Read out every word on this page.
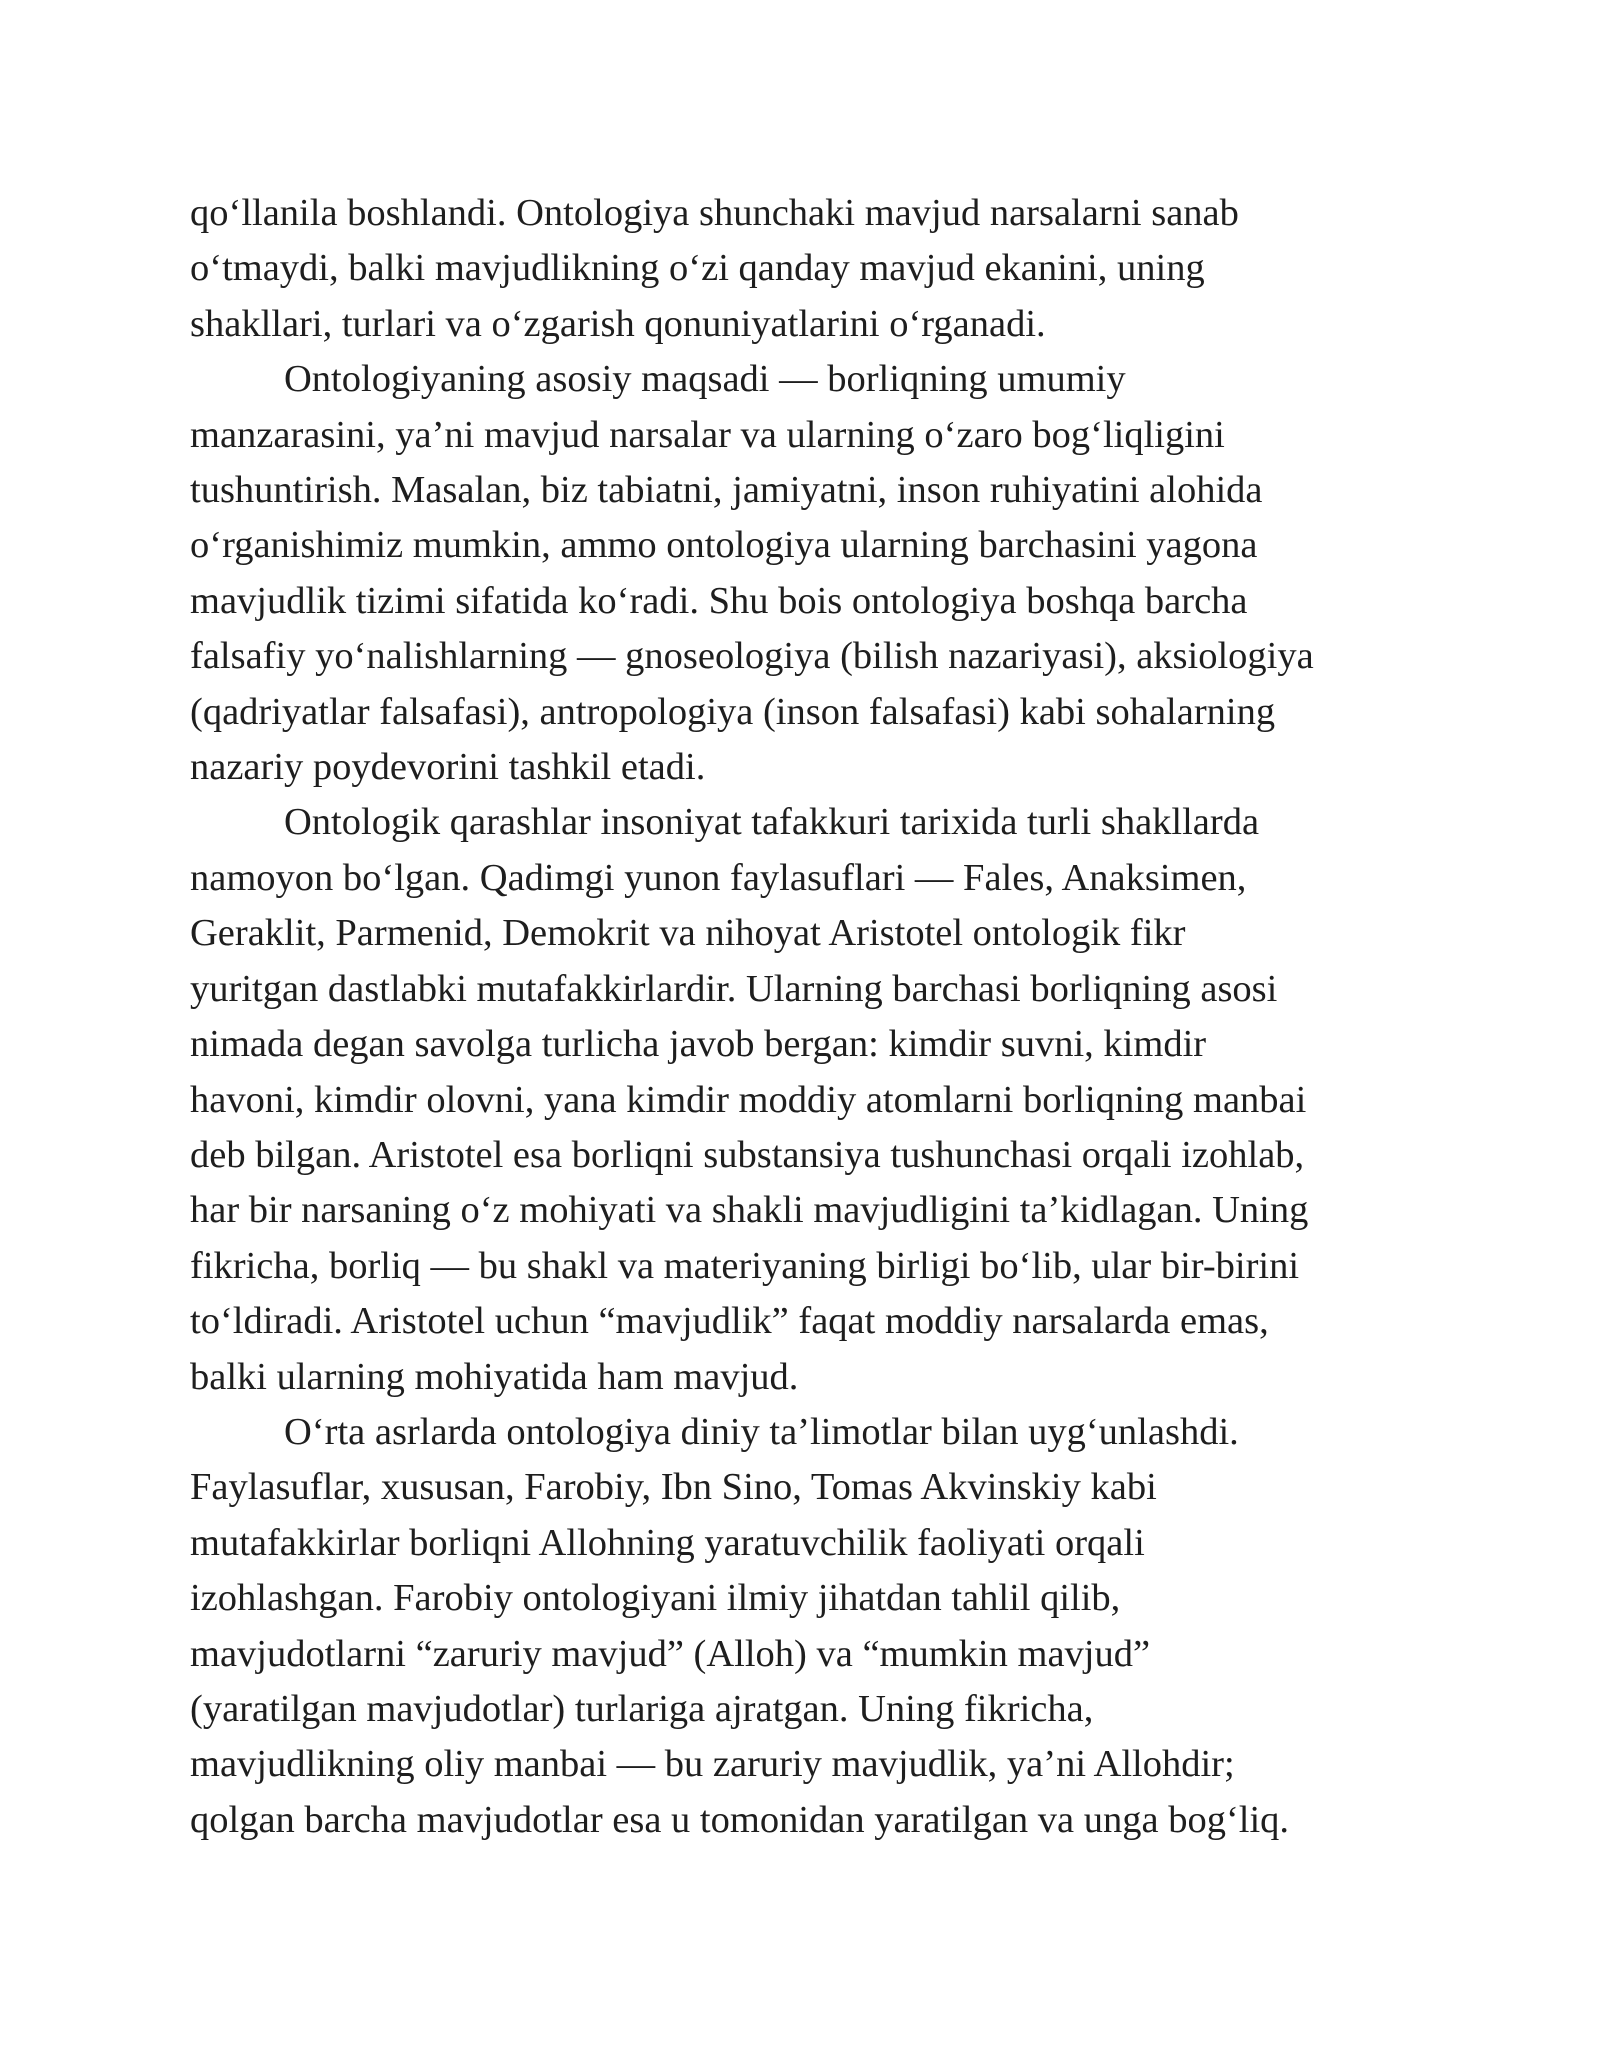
qo‘llanila boshlandi. Ontologiya shunchaki mavjud narsalarni sanab
o‘tmaydi, balki mavjudlikning o‘zi qanday mavjud ekanini, uning
shakllari, turlari va o‘zgarish qonuniyatlarini o‘rganadi.
Ontologiyaning asosiy maqsadi — borliqning umumiy
manzarasini, ya’ni mavjud narsalar va ularning o‘zaro bog‘liqligini
tushuntirish. Masalan, biz tabiatni, jamiyatni, inson ruhiyatini alohida
o‘rganishimiz mumkin, ammo ontologiya ularning barchasini yagona
mavjudlik tizimi sifatida ko‘radi. Shu bois ontologiya boshqa barcha
falsafiy yo‘nalishlarning — gnoseologiya (bilish nazariyasi), aksiologiya
(qadriyatlar falsafasi), antropologiya (inson falsafasi) kabi sohalarning
nazariy poydevorini tashkil etadi.
Ontologik qarashlar insoniyat tafakkuri tarixida turli shakllarda
namoyon bo‘lgan. Qadimgi yunon faylasuflari — Fales, Anaksimen,
Geraklit, Parmenid, Demokrit va nihoyat Aristotel ontologik fikr
yuritgan dastlabki mutafakkirlardir. Ularning barchasi borliqning asosi
nimada degan savolga turlicha javob bergan: kimdir suvni, kimdir
havoni, kimdir olovni, yana kimdir moddiy atomlarni borliqning manbai
deb bilgan. Aristotel esa borliqni substansiya tushunchasi orqali izohlab,
har bir narsaning o‘z mohiyati va shakli mavjudligini ta’kidlagan. Uning
fikricha, borliq — bu shakl va materiyaning birligi bo‘lib, ular bir-birini
to‘ldiradi. Aristotel uchun “mavjudlik” faqat moddiy narsalarda emas,
balki ularning mohiyatida ham mavjud.
O‘rta asrlarda ontologiya diniy ta’limotlar bilan uyg‘unlashdi.
Faylasuflar, xususan, Farobiy, Ibn Sino, Tomas Akvinskiy kabi
mutafakkirlar borliqni Allohning yaratuvchilik faoliyati orqali
izohlashgan. Farobiy ontologiyani ilmiy jihatdan tahlil qilib,
mavjudotlarni “zaruriy mavjud” (Alloh) va “mumkin mavjud”
(yaratilgan mavjudotlar) turlariga ajratgan. Uning fikricha,
mavjudlikning oliy manbai — bu zaruriy mavjudlik, ya’ni Allohdir;
qolgan barcha mavjudotlar esa u tomonidan yaratilgan va unga bog‘liq.
